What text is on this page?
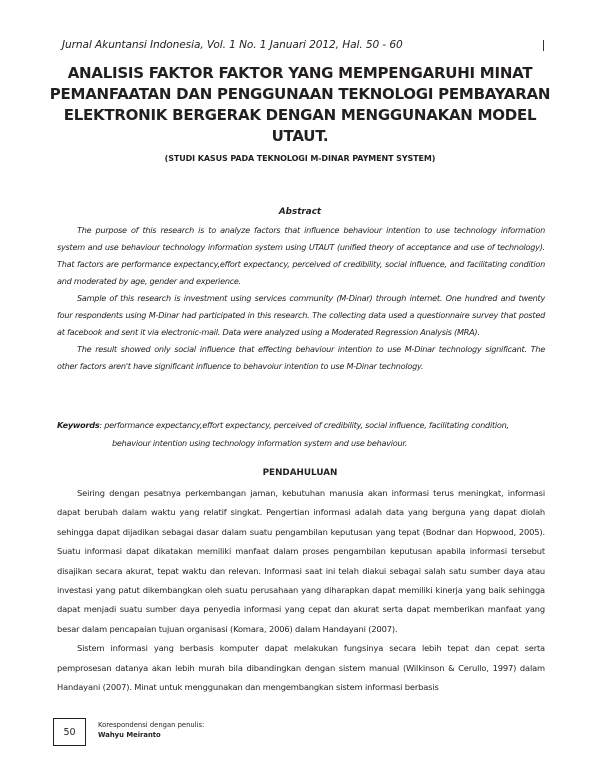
Jurnal Akuntansi Indonesia, Vol. 1 No. 1 Januari 2012, Hal. 50 - 60
ANALISIS FAKTOR FAKTOR YANG MEMPENGARUHI MINAT PEMANFAATAN DAN PENGGUNAAN TEKNOLOGI PEMBAYARAN ELEKTRONIK BERGERAK DENGAN MENGGUNAKAN MODEL UTAUT.
(STUDI KASUS PADA TEKNOLOGI M-DINAR PAYMENT SYSTEM)
Abstract

The purpose of this research is to analyze factors that influence behaviour intention to use technology information system and use behaviour technology information system using UTAUT (unified theory of acceptance and use of technology). That factors are performance expectancy,effort expectancy, perceived of credibility, social influence, and facilitating condition and moderated by age, gender and experience.

Sample of this research is investment using services community (M-Dinar) through internet. One hundred and twenty four respondents using M-Dinar had participated in this research. The collecting data used a questionnaire survey that posted at facebook and sent it via electronic-mail. Data were analyzed using a Moderated Regression Analysis (MRA).

The result showed only social influence that effecting behaviour intention to use M-Dinar technology significant. The other factors aren't have significant influence to behavoiur intention to use M-Dinar technology.

Keywords: performance expectancy,effort expectancy, perceived of credibility, social influence, facilitating condition,
behaviour intention using technology information system and use behaviour.
PENDAHULUAN

Seiring dengan pesatnya perkembangan jaman, kebutuhan manusia akan informasi terus meningkat, informasi dapat berubah dalam waktu yang relatif singkat. Pengertian informasi adalah data yang berguna yang dapat diolah sehingga dapat dijadikan sebagai dasar dalam suatu pengambilan keputusan yang tepat (Bodnar dan Hopwood, 2005). Suatu informasi dapat dikatakan memiliki manfaat dalam proses pengambilan keputusan apabila informasi tersebut disajikan secara akurat, tepat waktu dan relevan. Informasi saat ini telah diakui sebagai salah satu sumber daya atau investasi yang patut dikembangkan oleh suatu perusahaan yang diharapkan dapat memiliki kinerja yang baik sehingga dapat menjadi suatu sumber daya penyedia informasi yang cepat dan akurat serta dapat memberikan manfaat yang besar dalam pencapaian tujuan organisasi (Komara, 2006) dalam Handayani (2007).

Sistem informasi yang berbasis komputer dapat melakukan fungsinya secara lebih tepat dan cepat serta pemprosesan datanya akan lebih murah bila dibandingkan dengan sistem manual (Wilkinson & Cerullo, 1997) dalam Handayani (2007). Minat untuk menggunakan dan mengembangkan sistem informasi berbasis

50
Korespondensi dengan penulis:
Wahyu Meiranto
